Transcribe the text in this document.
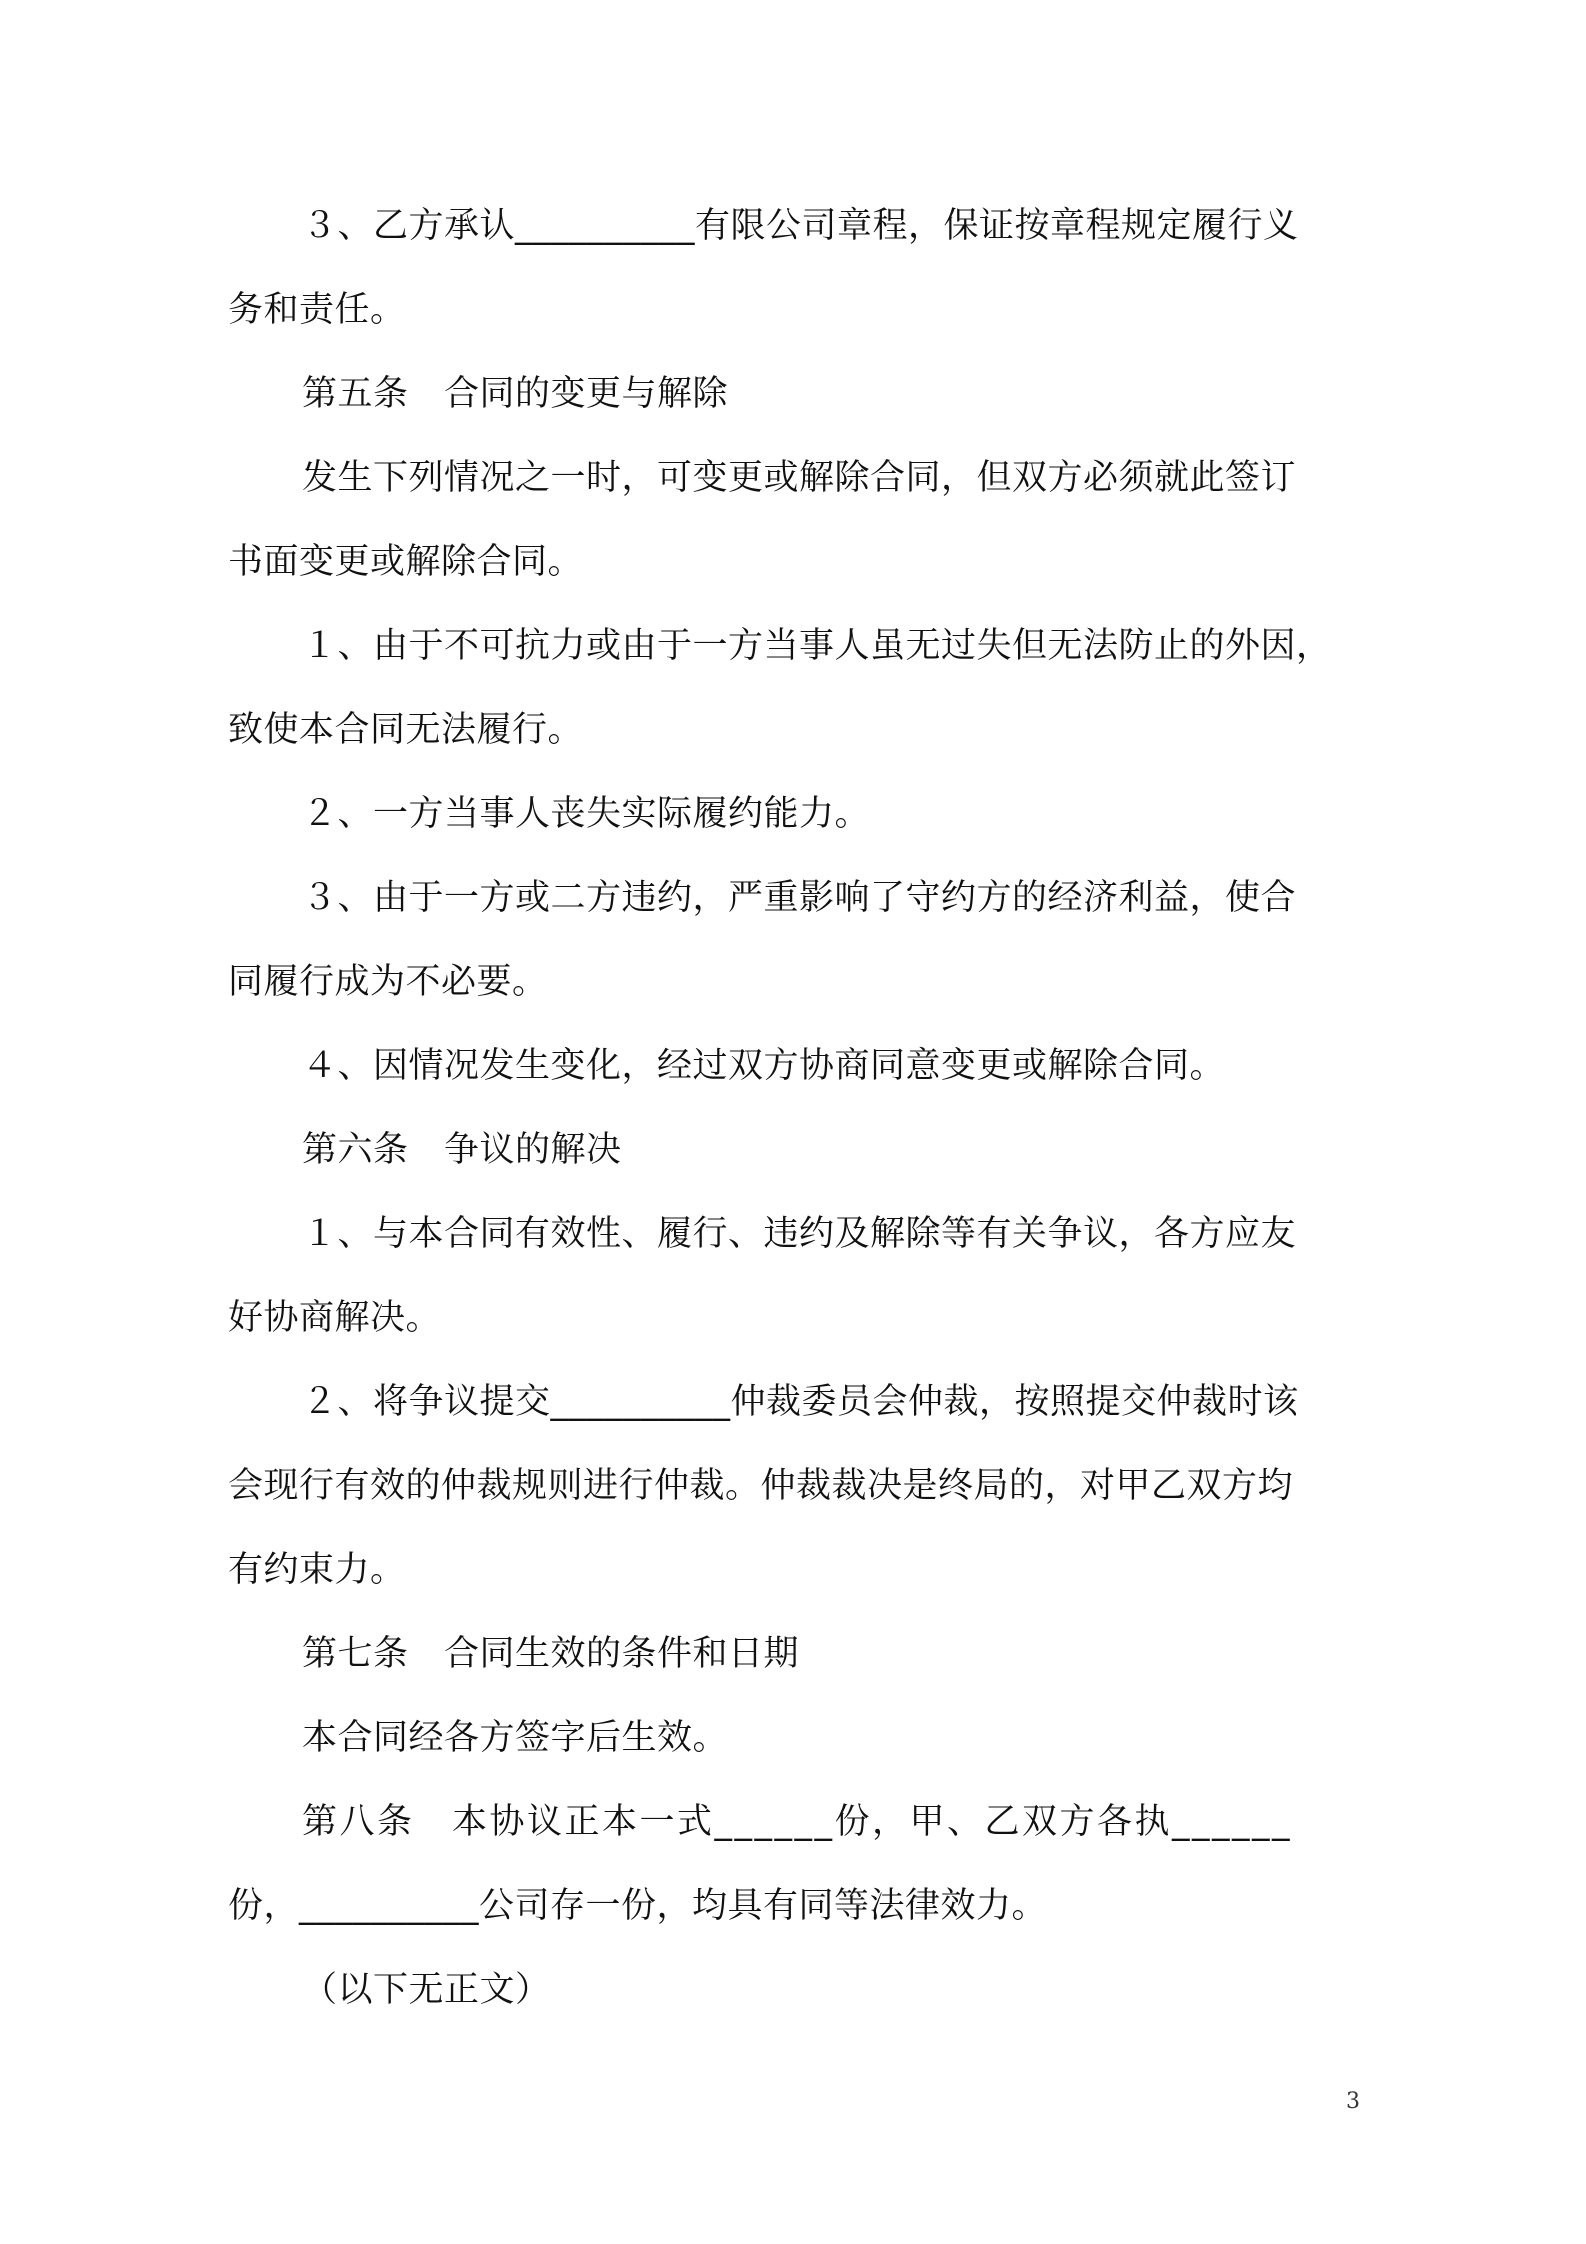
３、乙方承认__________有限公司章程，保证按章程规定履行义
务和责任。
第五条　合同的变更与解除
发生下列情况之一时，可变更或解除合同，但双方必须就此签订
书面变更或解除合同。
１、由于不可抗力或由于一方当事人虽无过失但无法防止的外因，
致使本合同无法履行。
２、一方当事人丧失实际履约能力。
３、由于一方或二方违约，严重影响了守约方的经济利益，使合
同履行成为不必要。
４、因情况发生变化，经过双方协商同意变更或解除合同。
第六条　争议的解决
１、与本合同有效性、履行、违约及解除等有关争议，各方应友
好协商解决。
２、将争议提交__________仲裁委员会仲裁，按照提交仲裁时该
会现行有效的仲裁规则进行仲裁。仲裁裁决是终局的，对甲乙双方均
有约束力。
第七条　合同生效的条件和日期
本合同经各方签字后生效。
第八条　本协议正本一式______份，甲、乙双方各执______
份，__________公司存一份，均具有同等法律效力。
（以下无正文）
3
